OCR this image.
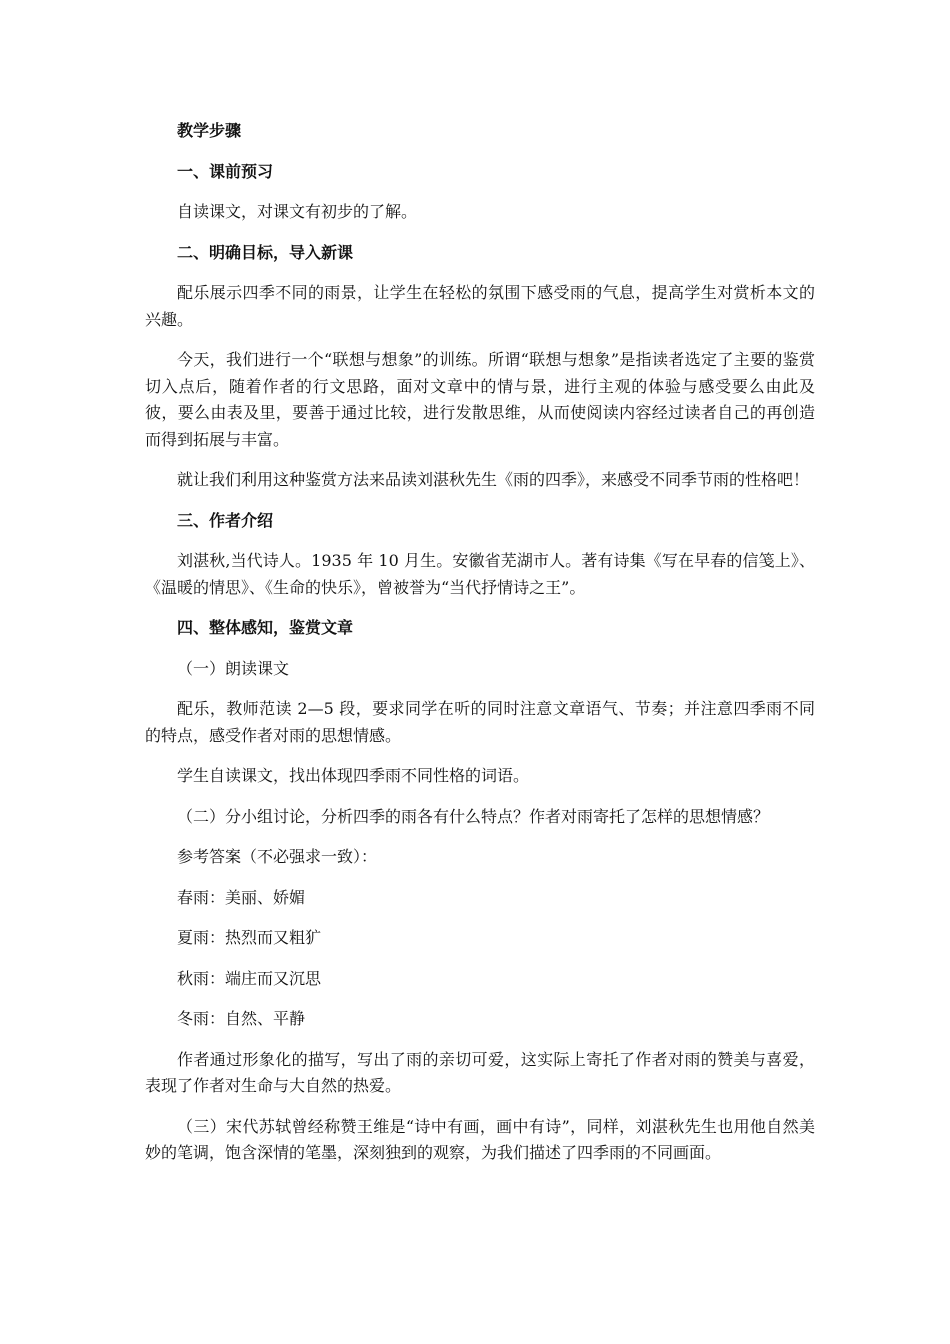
教学步骤

一、课前预习

自读课文，对课文有初步的了解。

二、明确目标，导入新课

配乐展示四季不同的雨景，让学生在轻松的氛围下感受雨的气息，提高学生对赏析本文的兴趣。

今天，我们进行一个“联想与想象”的训练。所谓“联想与想象”是指读者选定了主要的鉴赏切入点后，随着作者的行文思路，面对文章中的情与景，进行主观的体验与感受要么由此及彼，要么由表及里，要善于通过比较，进行发散思维，从而使阅读内容经过读者自己的再创造而得到拓展与丰富。

就让我们利用这种鉴赏方法来品读刘湛秋先生《雨的四季》，来感受不同季节雨的性格吧！

三、作者介绍

刘湛秋,当代诗人。1935 年 10 月生。安徽省芜湖市人。著有诗集《写在早春的信笺上》、《温暖的情思》、《生命的快乐》，曾被誉为“当代抒情诗之王”。

四、整体感知，鉴赏文章

（一）朗读课文

配乐，教师范读 2—5 段，要求同学在听的同时注意文章语气、节奏；并注意四季雨不同的特点，感受作者对雨的思想情感。

学生自读课文，找出体现四季雨不同性格的词语。

（二）分小组讨论，分析四季的雨各有什么特点？作者对雨寄托了怎样的思想情感？

参考答案（不必强求一致）：

春雨：美丽、娇媚

夏雨：热烈而又粗犷

秋雨：端庄而又沉思

冬雨：自然、平静

作者通过形象化的描写，写出了雨的亲切可爱，这实际上寄托了作者对雨的赞美与喜爱，表现了作者对生命与大自然的热爱。

（三）宋代苏轼曾经称赞王维是“诗中有画，画中有诗”，同样，刘湛秋先生也用他自然美妙的笔调，饱含深情的笔墨，深刻独到的观察，为我们描述了四季雨的不同画面。
